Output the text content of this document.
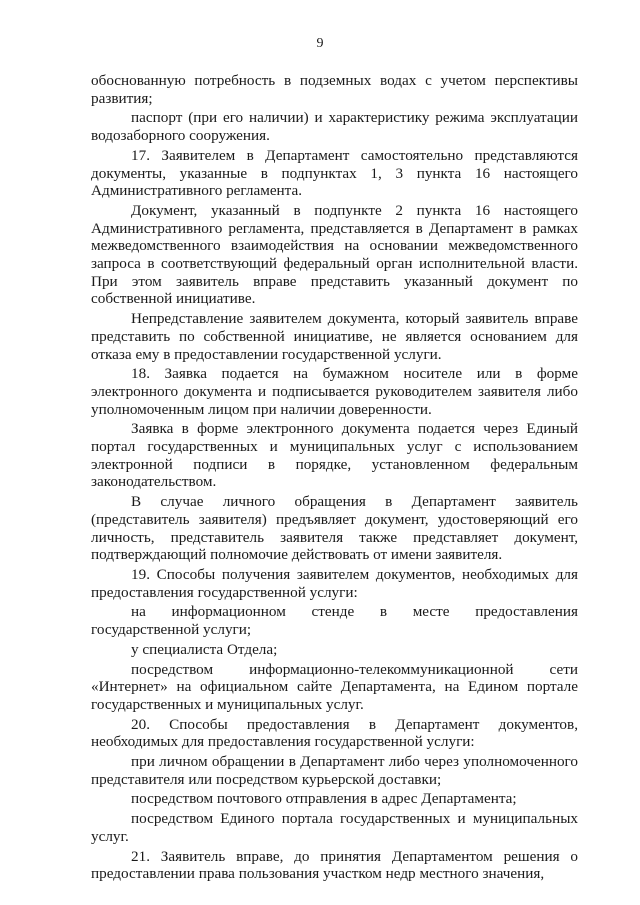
9

обоснованную потребность в подземных водах с учетом перспективы развития;

паспорт (при его наличии) и характеристику режима эксплуатации водозаборного сооружения.

17. Заявителем в Департамент самостоятельно представляются документы, указанные в подпунктах 1, 3 пункта 16 настоящего Административного регламента.

Документ, указанный в подпункте 2 пункта 16 настоящего Административного регламента, представляется в Департамент в рамках межведомственного взаимодействия на основании межведомственного запроса в соответствующий федеральный орган исполнительной власти. При этом заявитель вправе представить указанный документ по собственной инициативе.

Непредставление заявителем документа, который заявитель вправе представить по собственной инициативе, не является основанием для отказа ему в предоставлении государственной услуги.

18. Заявка подается на бумажном носителе или в форме электронного документа и подписывается руководителем заявителя либо уполномоченным лицом при наличии доверенности.

Заявка в форме электронного документа подается через Единый портал государственных и муниципальных услуг с использованием электронной подписи в порядке, установленном федеральным законодательством.

В случае личного обращения в Департамент заявитель (представитель заявителя) предъявляет документ, удостоверяющий его личность, представитель заявителя также представляет документ, подтверждающий полномочие действовать от имени заявителя.

19. Способы получения заявителем документов, необходимых для предоставления государственной услуги:

на информационном стенде в месте предоставления государственной услуги;

у специалиста Отдела;

посредством информационно-телекоммуникационной сети «Интернет» на официальном сайте Департамента, на Едином портале государственных и муниципальных услуг.

20. Способы предоставления в Департамент документов, необходимых для предоставления государственной услуги:

при личном обращении в Департамент либо через уполномоченного представителя или посредством курьерской доставки;

посредством почтового отправления в адрес Департамента;

посредством Единого портала государственных и муниципальных услуг.

21. Заявитель вправе, до принятия Департаментом решения о предоставлении права пользования участком недр местного значения,
